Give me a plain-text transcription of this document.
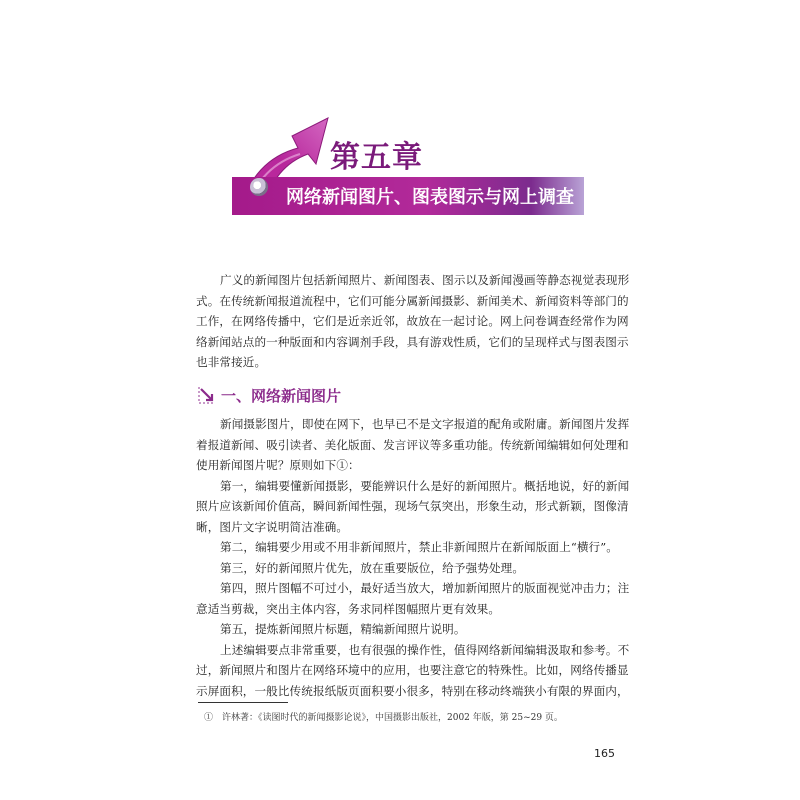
第五章
网络新闻图片、图表图示与网上调查
广义的新闻图片包括新闻照片、新闻图表、图示以及新闻漫画等静态视觉表现形
式。在传统新闻报道流程中，它们可能分属新闻摄影、新闻美术、新闻资料等部门的
工作，在网络传播中，它们是近亲近邻，故放在一起讨论。网上问卷调查经常作为网
络新闻站点的一种版面和内容调剂手段，具有游戏性质，它们的呈现样式与图表图示
也非常接近。
一、网络新闻图片
新闻摄影图片，即使在网下，也早已不是文字报道的配角或附庸。新闻图片发挥
着报道新闻、吸引读者、美化版面、发言评议等多重功能。传统新闻编辑如何处理和
使用新闻图片呢？原则如下①：
第一，编辑要懂新闻摄影，要能辨识什么是好的新闻照片。概括地说，好的新闻
照片应该新闻价值高，瞬间新闻性强，现场气氛突出，形象生动，形式新颖，图像清
晰，图片文字说明简洁准确。
第二，编辑要少用或不用非新闻照片，禁止非新闻照片在新闻版面上“横行”。
第三，好的新闻照片优先，放在重要版位，给予强势处理。
第四，照片图幅不可过小，最好适当放大，增加新闻照片的版面视觉冲击力；注
意适当剪裁，突出主体内容，务求同样图幅照片更有效果。
第五，提炼新闻照片标题，精编新闻照片说明。
上述编辑要点非常重要，也有很强的操作性，值得网络新闻编辑汲取和参考。不
过，新闻照片和图片在网络环境中的应用，也要注意它的特殊性。比如，网络传播显
示屏面积，一般比传统报纸版页面积要小很多，特别在移动终端狭小有限的界面内，
①　许林著：《读图时代的新闻摄影论说》，中国摄影出版社，2002 年版，第 25~29 页。
165
